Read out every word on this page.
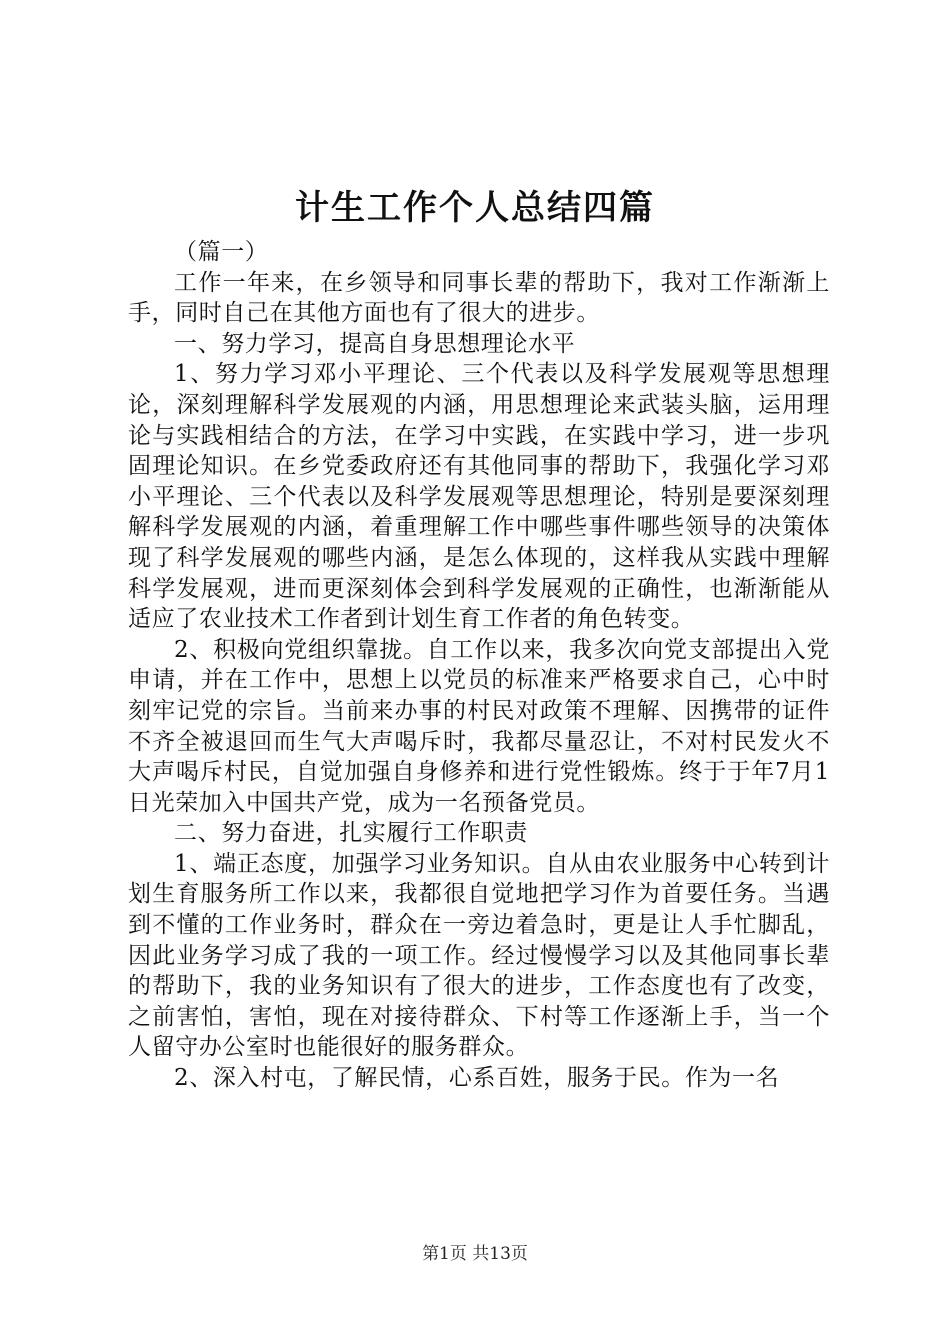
计生工作个人总结四篇

（篇一）

工作一年来，在乡领导和同事长辈的帮助下，我对工作渐渐上手，同时自己在其他方面也有了很大的进步。

一、努力学习，提高自身思想理论水平

1、努力学习邓小平理论、三个代表以及科学发展观等思想理论，深刻理解科学发展观的内涵，用思想理论来武装头脑，运用理论与实践相结合的方法，在学习中实践，在实践中学习，进一步巩固理论知识。在乡党委政府还有其他同事的帮助下，我强化学习邓小平理论、三个代表以及科学发展观等思想理论，特别是要深刻理解科学发展观的内涵，着重理解工作中哪些事件哪些领导的决策体现了科学发展观的哪些内涵，是怎么体现的，这样我从实践中理解科学发展观，进而更深刻体会到科学发展观的正确性，也渐渐能从适应了农业技术工作者到计划生育工作者的角色转变。

2、积极向党组织靠拢。自工作以来，我多次向党支部提出入党申请，并在工作中，思想上以党员的标准来严格要求自己，心中时刻牢记党的宗旨。当前来办事的村民对政策不理解、因携带的证件不齐全被退回而生气大声喝斥时，我都尽量忍让，不对村民发火不大声喝斥村民，自觉加强自身修养和进行党性锻炼。终于于年7月1日光荣加入中国共产党，成为一名预备党员。

二、努力奋进，扎实履行工作职责

1、端正态度，加强学习业务知识。自从由农业服务中心转到计划生育服务所工作以来，我都很自觉地把学习作为首要任务。当遇到不懂的工作业务时，群众在一旁边着急时，更是让人手忙脚乱，因此业务学习成了我的一项工作。经过慢慢学习以及其他同事长辈的帮助下，我的业务知识有了很大的进步，工作态度也有了改变，之前害怕，害怕，现在对接待群众、下村等工作逐渐上手，当一个人留守办公室时也能很好的服务群众。

2、深入村屯，了解民情，心系百姓，服务于民。作为一名

第1页 共13页
